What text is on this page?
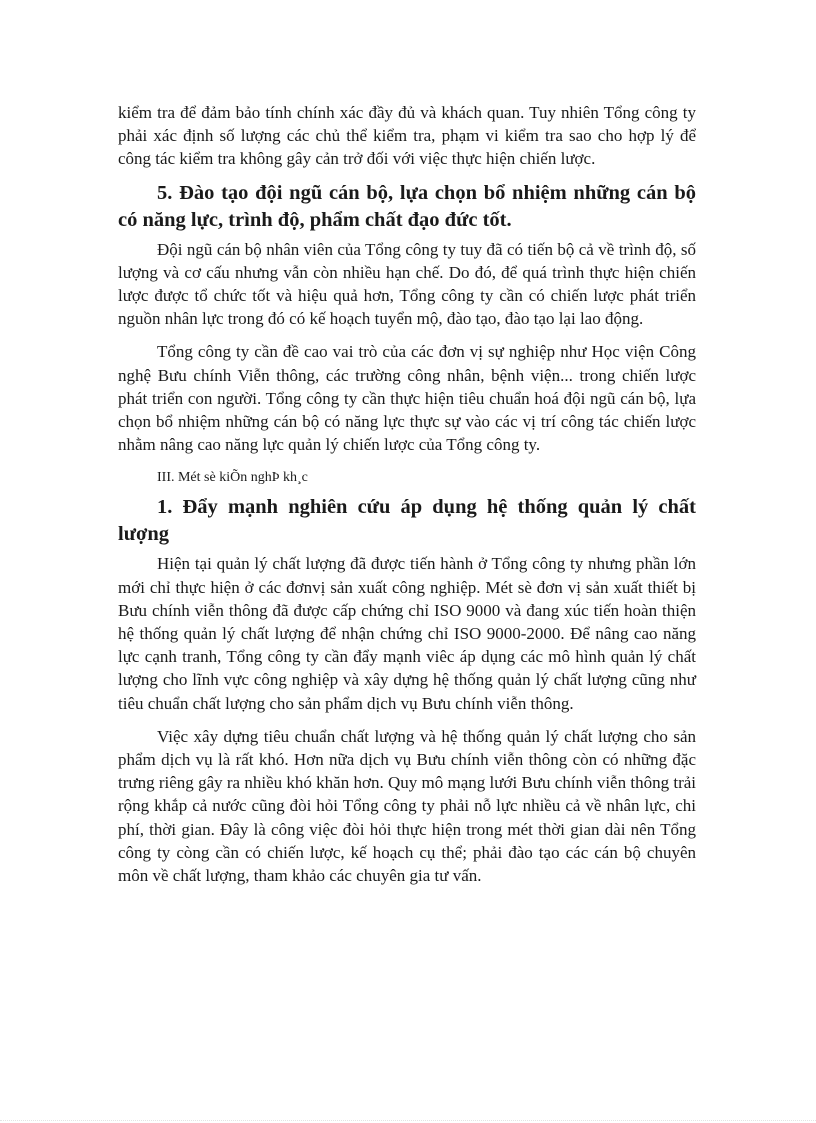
kiểm tra để đảm bảo tính chính xác đầy đủ và khách quan. Tuy nhiên Tổng công ty phải xác định số lượng các chủ thể kiểm tra, phạm vi kiểm tra sao cho hợp lý để công tác kiểm tra không gây cản trở đối với việc thực hiện chiến lược.

5. Đào tạo đội ngũ cán bộ, lựa chọn bổ nhiệm những cán bộ có năng lực, trình độ, phẩm chất đạo đức tốt.

Đội ngũ cán bộ nhân viên của Tổng công ty tuy đã có tiến bộ cả về trình độ, số lượng và cơ cấu nhưng vẫn còn nhiều hạn chế. Do đó, để quá trình thực hiện chiến lược được tổ chức tốt và hiệu quả hơn, Tổng công ty cần có chiến lược phát triển nguồn nhân lực trong đó có kế hoạch tuyển mộ, đào tạo, đào tạo lại lao động.

Tổng công ty cần đề cao vai trò của các đơn vị sự nghiệp như Học viện Công nghệ Bưu chính Viễn thông, các trường công nhân, bệnh viện... trong chiến lược phát triển con người. Tổng công ty cần thực hiện tiêu chuẩn hoá đội ngũ cán bộ, lựa chọn bổ nhiệm những cán bộ có năng lực thực sự vào các vị trí công tác chiến lược nhằm nâng cao năng lực quản lý chiến lược của Tổng công ty.

III. Mét sè kiÕn nghÞ kh¸c

1. Đẩy mạnh nghiên cứu áp dụng hệ thống quản lý chất lượng

Hiện tại quản lý chất lượng đã được tiến hành ở Tổng công ty nhưng phần lớn mới chỉ thực hiện ở các đơnvị sản xuất công nghiệp. Mét sè đơn vị sản xuất thiết bị Bưu chính viễn thông đã được cấp chứng chỉ ISO 9000 và đang xúc tiến hoàn thiện hệ thống quản lý chất lượng để nhận chứng chỉ ISO 9000-2000. Để nâng cao năng lực cạnh tranh, Tổng công ty cần đẩy mạnh viêc áp dụng các mô hình quản lý chất lượng cho lĩnh vực công nghiệp và xây dựng hệ thống quản lý chất lượng cũng như tiêu chuẩn chất lượng cho sản phẩm dịch vụ Bưu chính viễn thông.

Việc xây dựng tiêu chuẩn chất lượng và hệ thống quản lý chất lượng cho sản phẩm dịch vụ là rất khó. Hơn nữa dịch vụ Bưu chính viễn thông còn có những đặc trưng riêng gây ra nhiều khó khăn hơn. Quy mô mạng lưới Bưu chính viễn thông trải rộng khắp cả nước cũng đòi hỏi Tổng công ty phải nỗ lực nhiều cả về nhân lực, chi phí, thời gian. Đây là công việc đòi hỏi thực hiện trong mét thời gian dài nên Tổng công ty còng cần có chiến lược, kế hoạch cụ thể; phải đào tạo các cán bộ chuyên môn về chất lượng, tham khảo các chuyên gia tư vấn.
